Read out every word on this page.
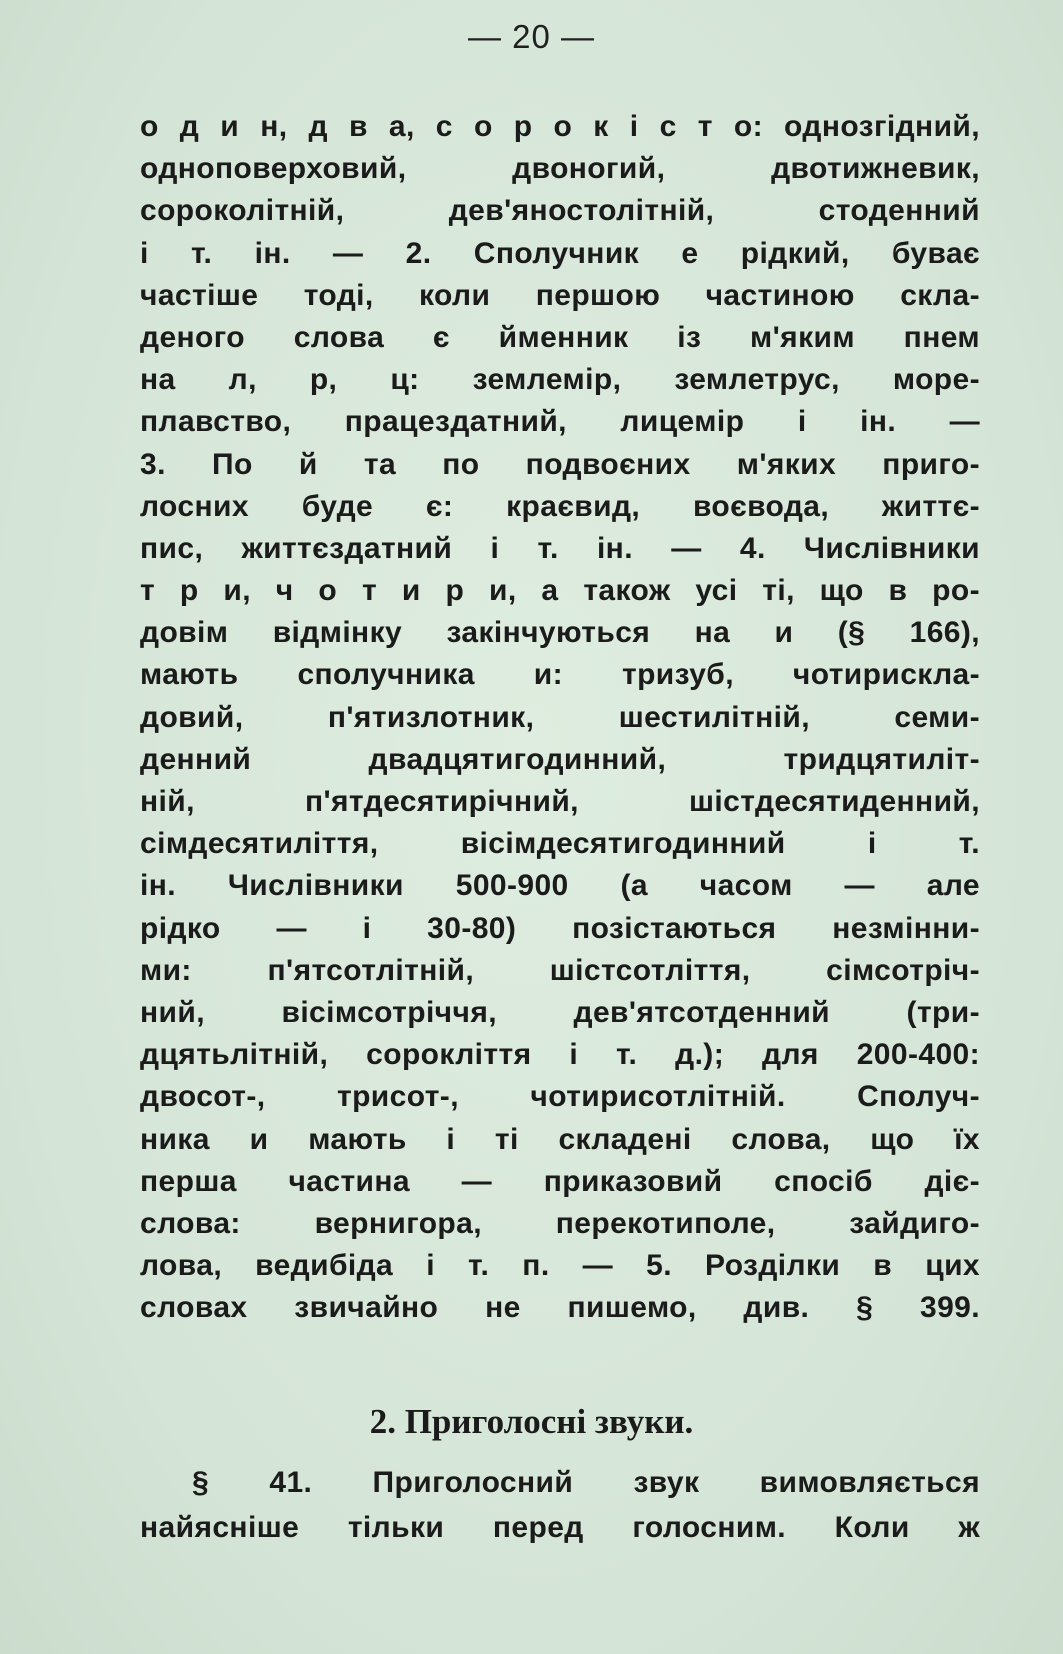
— 20 —
о д и н, д в а, с о р о к і с т о: однозгідний,
одноповерховий, двоногий, двотижневик,
сороколітній, дев'яностолітній, стоденний
і т. ін. — 2. Сполучник е рідкий, буває
частіше тоді, коли першою частиною скла-
деного слова є йменник із м'яким пнем
на л, р, ц: землемір, землетрус, море-
плавство, працездатний, лицемір і ін. —
3. По й та по подвоєних м'яких приго-
лосних буде є: краєвид, воєвода, життє-
пис, життєздатний і т. ін. — 4. Числівники
т р и, ч о т и р и, а також усі ті, що в ро-
довім відмінку закінчуються на и (§ 166),
мають сполучника и: тризуб, чотирискла-
довий, п'ятизлотник, шестилітній, семи-
денний двадцятигодинний, тридцятиліт-
ній, п'ятдесятирічний, шістдесятиденний,
сімдесятиліття, вісімдесятигодинний і т.
ін. Числівники 500-900 (а часом — але
рідко — і 30-80) позістаються незмінни-
ми: п'ятсотлітній, шістсотліття, сімсотріч-
ний, вісімсотріччя, дев'ятсотденний (три-
дцятьлітній, сорокліття і т. д.); для 200-400:
двосот-, трисот-, чотирисотлітній. Сполуч-
ника и мають і ті складені слова, що їх
перша частина — приказовий спосіб діє-
слова: вернигора, перекотиполе, зайдиго-
лова, ведибіда і т. п. — 5. Розділки в цих
словах звичайно не пишемо, див. § 399.
2. Приголосні звуки.
§ 41. Приголосний звук вимовляється
найясніше тільки перед голосним. Коли ж
